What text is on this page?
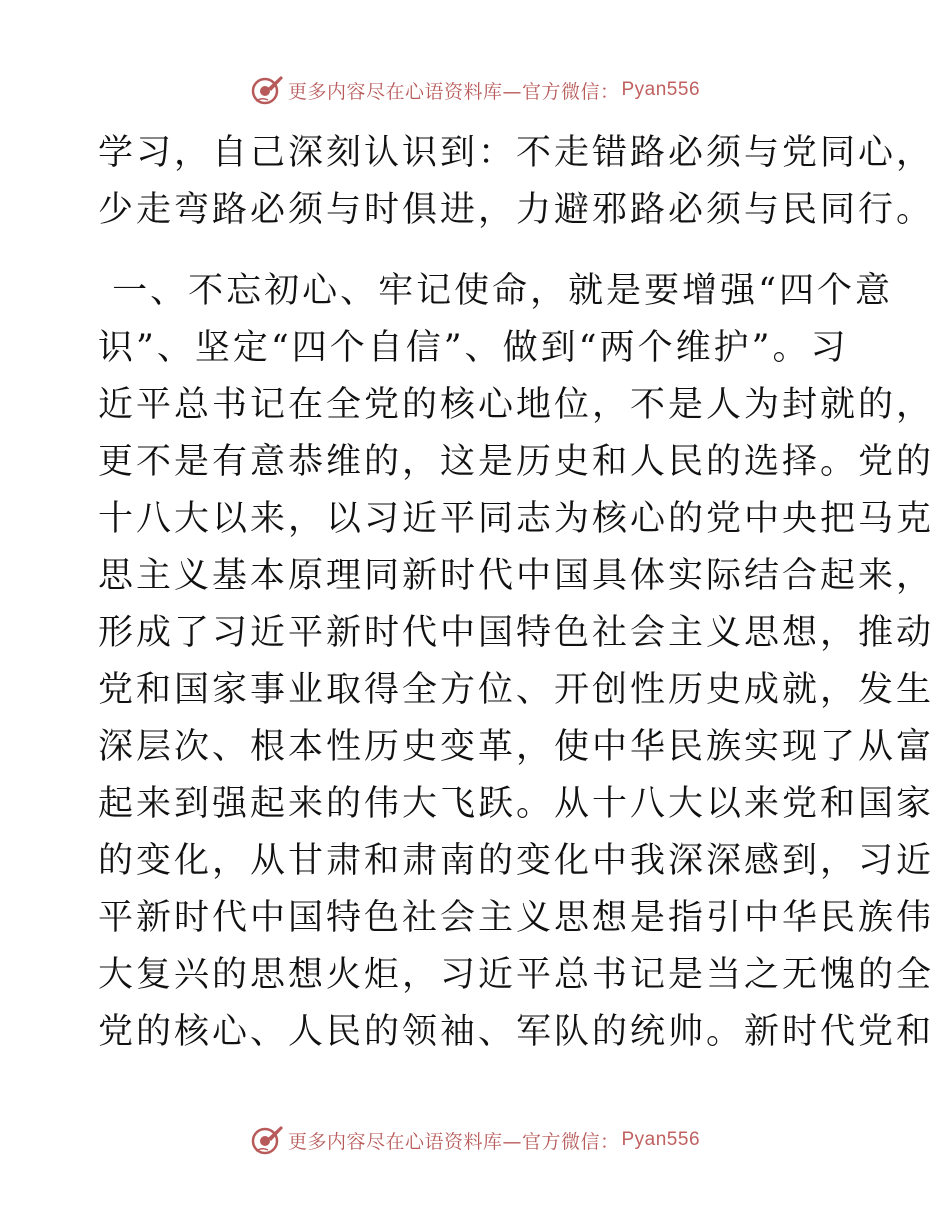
更多内容尽在心语资料库—官方微信： Pyan556
学习，自己深刻认识到：不走错路必须与党同心，
少走弯路必须与时俱进，力避邪路必须与民同行。
一、不忘初心、牢记使命，就是要增强“四个意
识”、坚定“四个自信”、做到“两个维护”。习
近平总书记在全党的核心地位，不是人为封就的，
更不是有意恭维的，这是历史和人民的选择。党的
十八大以来，以习近平同志为核心的党中央把马克
思主义基本原理同新时代中国具体实际结合起来，
形成了习近平新时代中国特色社会主义思想，推动
党和国家事业取得全方位、开创性历史成就，发生
深层次、根本性历史变革，使中华民族实现了从富
起来到强起来的伟大飞跃。从十八大以来党和国家
的变化，从甘肃和肃南的变化中我深深感到，习近
平新时代中国特色社会主义思想是指引中华民族伟
大复兴的思想火炬，习近平总书记是当之无愧的全
党的核心、人民的领袖、军队的统帅。新时代党和
更多内容尽在心语资料库—官方微信： Pyan556
